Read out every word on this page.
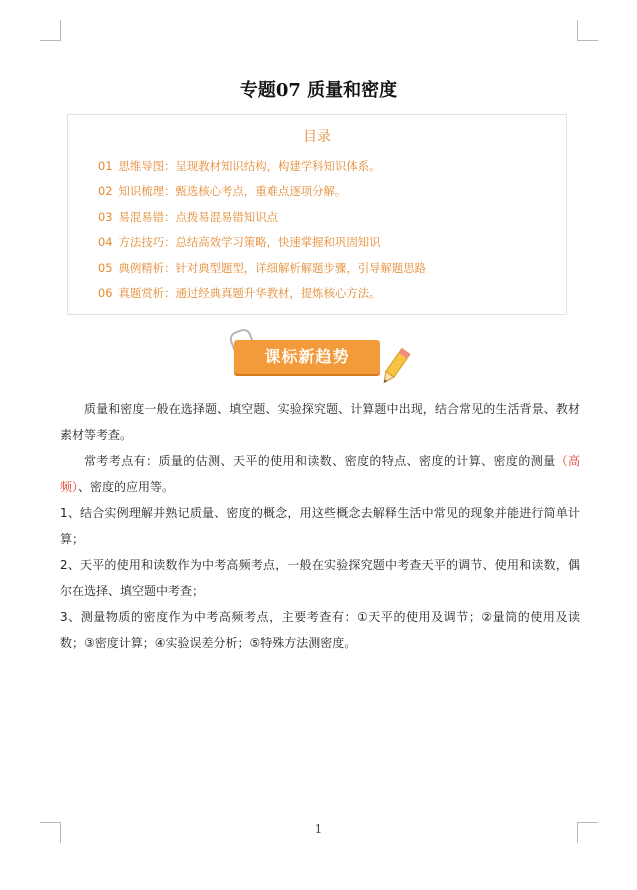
专题07 质量和密度
目录
01 思维导图：呈现教材知识结构，构建学科知识体系。
02 知识梳理：甄选核心考点，重难点逐项分解。
03 易混易错：点拨易混易错知识点
04 方法技巧：总结高效学习策略，快速掌握和巩固知识
05 典例精析：针对典型题型，详细解析解题步骤，引导解题思路
06 真题赏析：通过经典真题升华教材，提炼核心方法。
课标新趋势

质量和密度一般在选择题、填空题、实验探究题、计算题中出现，结合常见的生活背景、教材素材等考查。

常考考点有：质量的估测、天平的使用和读数、密度的特点、密度的计算、密度的测量（高频）、密度的应用等。

1、结合实例理解并熟记质量、密度的概念，用这些概念去解释生活中常见的现象并能进行简单计算；

2、天平的使用和读数作为中考高频考点，一般在实验探究题中考查天平的调节、使用和读数，偶尔在选择、填空题中考查；

3、测量物质的密度作为中考高频考点，主要考查有：①天平的使用及调节；②量筒的使用及读数；③密度计算；④实验误差分析；⑤特殊方法测密度。

1
